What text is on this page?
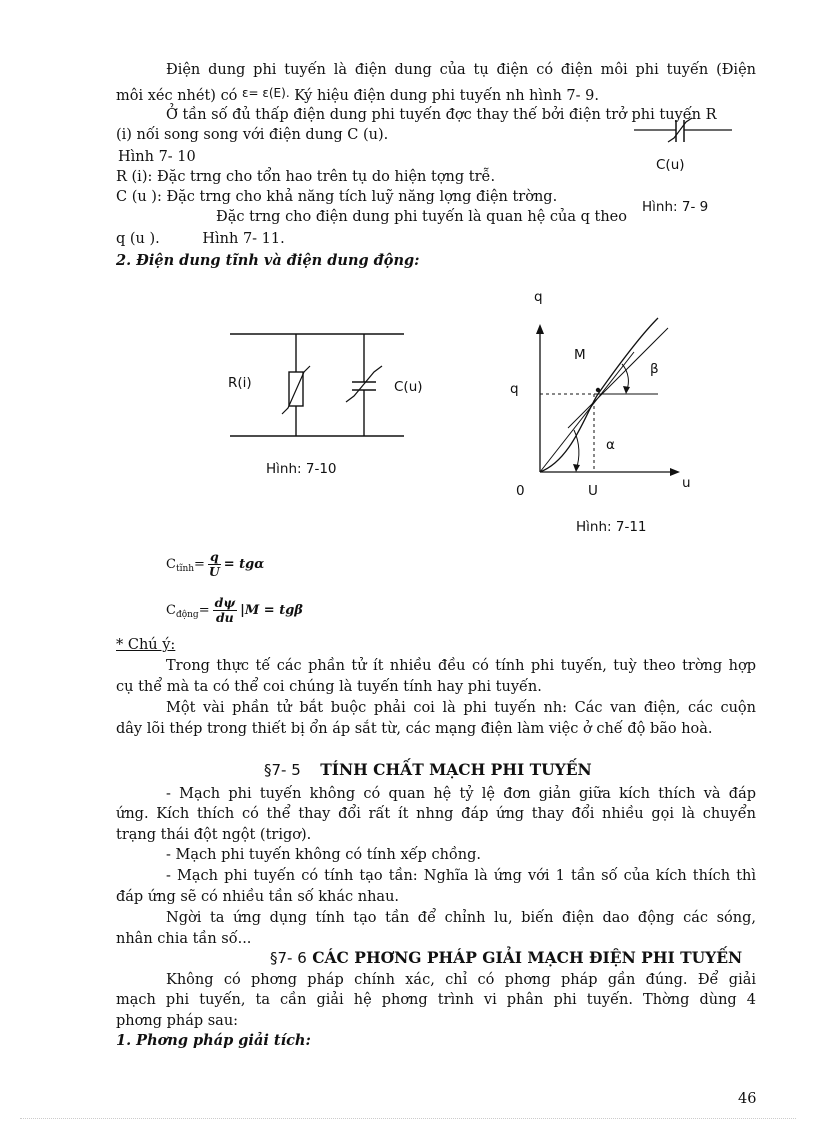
Điện dung phi tuyến là điện dung của tụ điện có điện môi phi tuyến (Điện
môi xéc nhét) có $^{\varepsilon= \varepsilon(E).}$ Ký hiệu điện dung phi tuyến nh hình 7- 9.
Ở tần số đủ thấp điện dung phi tuyến đợc thay thế bởi điện trở phi tuyến R
(i) nối song song với điện dung C (u).
Hình 7- 10
R (i): Đặc trng cho tổn hao trên tụ do hiện tợng trễ.
C (u ): Đặc trng cho khả năng tích luỹ năng lợng điện trờng.
Đặc trng cho điện dung phi tuyến là quan hệ của q theo
q (u ).	Hình 7- 11.
C(u)
Hình: 7- 9
2. Điện dung tĩnh và điện dung động:
R(i)	C(u)
Hình: 7-10
q
u
q
M
β
α
0	U
Hình: 7-11
C tĩnh = $\frac{q}{U} = tg\alpha$
C động = $\frac{d\psi}{du} |M = tg\beta$
* Chú ý:
Trong thực tế các phần tử ít nhiều đều có tính phi tuyến, tuỳ theo trờng hợp
cụ thể mà ta có thể coi chúng là tuyến tính hay phi tuyến.
Một vài phần tử bắt buộc phải coi là phi tuyến nh: Các van điện, các cuộn
dây lõi thép trong thiết bị ổn áp sắt từ, các mạng điện làm việc ở chế độ bão hoà.
§7- 5 TÍNH CHẤT MẠCH PHI TUYẾN
- Mạch phi tuyến không có quan hệ tỷ lệ đơn giản giữa kích thích và đáp
ứng. Kích thích có thể thay đổi rất ít nhng đáp ứng thay đổi nhiều gọi là chuyển
trạng thái đột ngột (trigơ).
- Mạch phi tuyến không có tính xếp chồng.
- Mạch phi tuyến có tính tạo tần: Nghĩa là ứng với 1 tần số của kích thích thì
đáp ứng sẽ có nhiều tần số khác nhau.
Ngời ta ứng dụng tính tạo tần để chỉnh lu, biến điện dao động các sóng,
nhân chia tần số...
§7- 6 CÁC PHƠNG PHÁP GIẢI MẠCH ĐIỆN PHI TUYẾN
Không có phơng pháp chính xác, chỉ có phơng pháp gần đúng. Để giải
mạch phi tuyến, ta cần giải hệ phơng trình vi phân phi tuyến. Thờng dùng 4
phơng pháp sau:
1. Phơng pháp giải tích:
46
